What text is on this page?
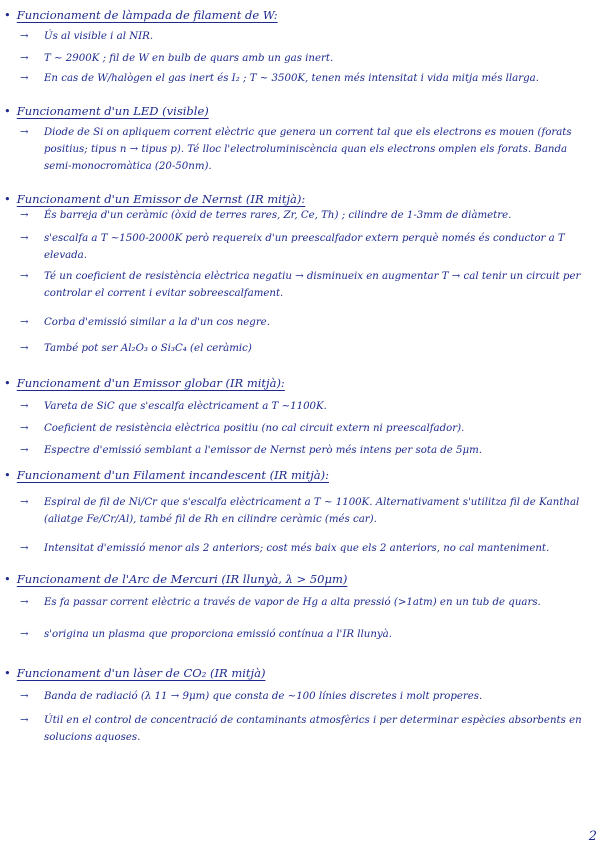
• Funcionament de làmpada de filament de W:
→ Ús al visible i al NIR.
→ T ~ 2900K ; fil de W en bulb de quars amb un gas inert.
→ En cas de W/halògen el gas inert és I₂ ; T ~ 3500K, tenen més intensitat i vida mitja més llarga.
• Funcionament d'un LED (visible)
→ Diode de Si on apliquem corrent elèctric que genera un corrent tal que els electrons es mouen (forats positius; tipus n → tipus p). Té lloc l'electroluminiscència quan els electrons omplen els forats. Banda semi-monocromàtica (20-50nm).
• Funcionament d'un Emissor de Nernst (IR mitjà):
→ És barreja d'un ceràmic (òxid de terres rares, Zr, Ce, Th) ; cilindre de 1-3mm de diàmetre.
→ s'escalfa a T ~1500-2000K però requereix d'un preescalfador extern perquè només és conductor a T elevada.
→ Té un coeficient de resistència elèctrica negatiu → disminueix en augmentar T → cal tenir un circuit per controlar el corrent i evitar sobreescalfament.
→ Corba d'emissió similar a la d'un cos negre.
→ També pot ser Al₂O₃ o Si₃C₄ (el ceràmic)
• Funcionament d'un Emissor globar (IR mitjà):
→ Vareta de SiC que s'escalfa elèctricament a T ~1100K.
→ Coeficient de resistència elèctrica positiu (no cal circuit extern ni preescalfador).
→ Espectre d'emissió semblant a l'emissor de Nernst però més intens per sota de 5μm.
• Funcionament d'un Filament incandescent (IR mitjà):
→ Espiral de fil de Ni/Cr que s'escalfa elèctricament a T ~ 1100K. Alternativament s'utilitza fil de Kanthal (aliatge Fe/Cr/Al), també fil de Rh en cilindre ceràmic (més car).
→ Intensitat d'emissió menor als 2 anteriors; cost més baix que els 2 anteriors, no cal manteniment.
• Funcionament de l'Arc de Mercuri (IR llunyà, λ > 50μm)
→ Es fa passar corrent elèctric a través de vapor de Hg a alta pressió (>1atm) en un tub de quars.
→ s'origina un plasma que proporciona emissió contínua a l'IR llunyà.
• Funcionament d'un làser de CO₂ (IR mitjà)
→ Banda de radiació (λ 11 → 9μm) que consta de ~100 línies discretes i molt properes.
→ Útil en el control de concentració de contaminants atmosfèrics i per determinar espècies absorbents en solucions aquoses.
2
